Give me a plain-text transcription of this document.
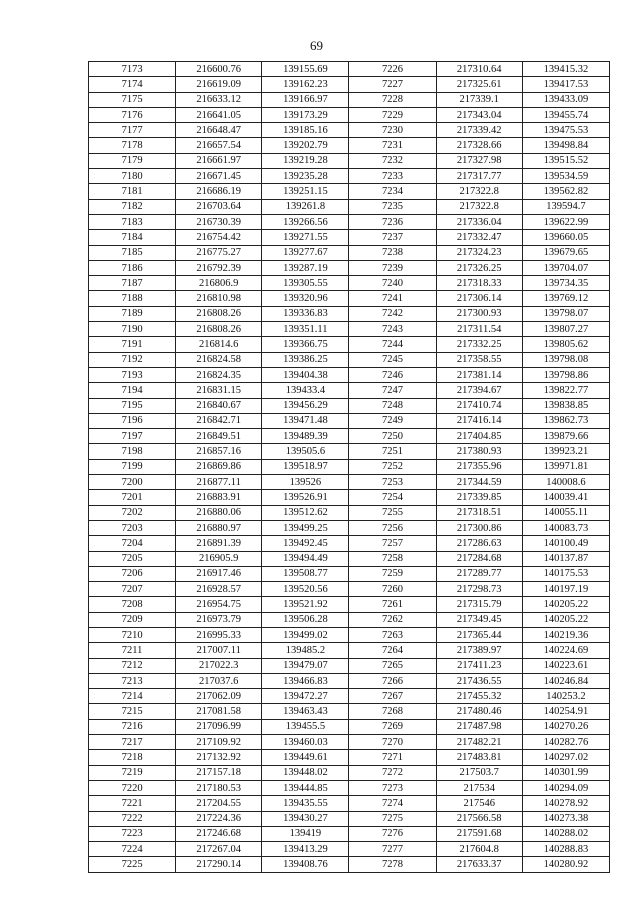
69
7173	216600.76	139155.69	7226	217310.64	139415.32
7174	216619.09	139162.23	7227	217325.61	139417.53
7175	216633.12	139166.97	7228	217339.1	139433.09
7176	216641.05	139173.29	7229	217343.04	139455.74
7177	216648.47	139185.16	7230	217339.42	139475.53
7178	216657.54	139202.79	7231	217328.66	139498.84
7179	216661.97	139219.28	7232	217327.98	139515.52
7180	216671.45	139235.28	7233	217317.77	139534.59
7181	216686.19	139251.15	7234	217322.8	139562.82
7182	216703.64	139261.8	7235	217322.8	139594.7
7183	216730.39	139266.56	7236	217336.04	139622.99
7184	216754.42	139271.55	7237	217332.47	139660.05
7185	216775.27	139277.67	7238	217324.23	139679.65
7186	216792.39	139287.19	7239	217326.25	139704.07
7187	216806.9	139305.55	7240	217318.33	139734.35
7188	216810.98	139320.96	7241	217306.14	139769.12
7189	216808.26	139336.83	7242	217300.93	139798.07
7190	216808.26	139351.11	7243	217311.54	139807.27
7191	216814.6	139366.75	7244	217332.25	139805.62
7192	216824.58	139386.25	7245	217358.55	139798.08
7193	216824.35	139404.38	7246	217381.14	139798.86
7194	216831.15	139433.4	7247	217394.67	139822.77
7195	216840.67	139456.29	7248	217410.74	139838.85
7196	216842.71	139471.48	7249	217416.14	139862.73
7197	216849.51	139489.39	7250	217404.85	139879.66
7198	216857.16	139505.6	7251	217380.93	139923.21
7199	216869.86	139518.97	7252	217355.96	139971.81
7200	216877.11	139526	7253	217344.59	140008.6
7201	216883.91	139526.91	7254	217339.85	140039.41
7202	216880.06	139512.62	7255	217318.51	140055.11
7203	216880.97	139499.25	7256	217300.86	140083.73
7204	216891.39	139492.45	7257	217286.63	140100.49
7205	216905.9	139494.49	7258	217284.68	140137.87
7206	216917.46	139508.77	7259	217289.77	140175.53
7207	216928.57	139520.56	7260	217298.73	140197.19
7208	216954.75	139521.92	7261	217315.79	140205.22
7209	216973.79	139506.28	7262	217349.45	140205.22
7210	216995.33	139499.02	7263	217365.44	140219.36
7211	217007.11	139485.2	7264	217389.97	140224.69
7212	217022.3	139479.07	7265	217411.23	140223.61
7213	217037.6	139466.83	7266	217436.55	140246.84
7214	217062.09	139472.27	7267	217455.32	140253.2
7215	217081.58	139463.43	7268	217480.46	140254.91
7216	217096.99	139455.5	7269	217487.98	140270.26
7217	217109.92	139460.03	7270	217482.21	140282.76
7218	217132.92	139449.61	7271	217483.81	140297.02
7219	217157.18	139448.02	7272	217503.7	140301.99
7220	217180.53	139444.85	7273	217534	140294.09
7221	217204.55	139435.55	7274	217546	140278.92
7222	217224.36	139430.27	7275	217566.58	140273.38
7223	217246.68	139419	7276	217591.68	140288.02
7224	217267.04	139413.29	7277	217604.8	140288.83
7225	217290.14	139408.76	7278	217633.37	140280.92
